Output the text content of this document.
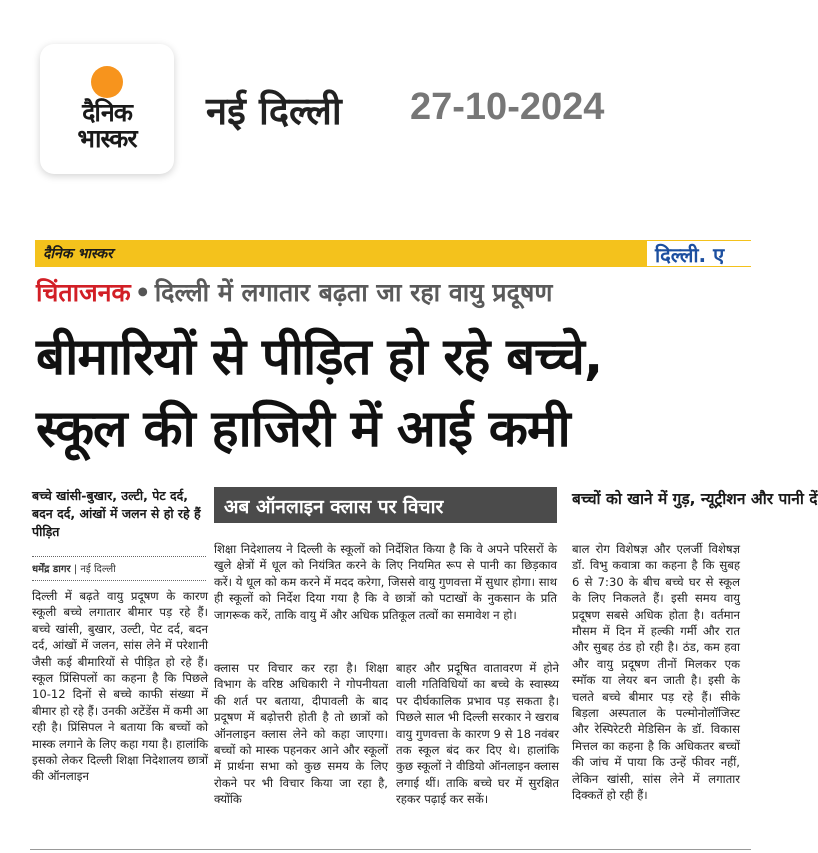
दैनिक
भास्कर
नई दिल्ली 27-10-2024
दैनिक भास्कर	दिल्ली. ए
चिंताजनक • दिल्ली में लगातार बढ़ता जा रहा वायु प्रदूषण
बीमारियों से पीड़ित हो रहे बच्चे,
स्कूल की हाजिरी में आई कमी
बच्चे खांसी-बुखार, उल्टी, पेट दर्द, बदन दर्द, आंखों में जलन से हो रहे हैं पीड़ित
धर्मेंद्र डागर | नई दिल्ली
दिल्ली में बढ़ते वायु प्रदूषण के कारण स्कूली बच्चे लगातार बीमार पड़ रहे हैं। बच्चे खांसी, बुखार, उल्टी, पेट दर्द, बदन दर्द, आंखों में जलन, सांस लेने में परेशानी जैसी कई बीमारियों से पीड़ित हो रहे हैं। स्कूल प्रिंसिपलों का कहना है कि पिछले 10-12 दिनों से बच्चे काफी संख्या में बीमार हो रहे हैं। उनकी अटेंडेंस में कमी आ रही है। प्रिंसिपल ने बताया कि बच्चों को मास्क लगाने के लिए कहा गया है। हालांकि इसको लेकर दिल्ली शिक्षा निदेशालय छात्रों की ऑनलाइन
अब ऑनलाइन क्लास पर विचार
शिक्षा निदेशालय ने दिल्ली के स्कूलों को निर्देशित किया है कि वे अपने परिसरों के खुले क्षेत्रों में धूल को नियंत्रित करने के लिए नियमित रूप से पानी का छिड़काव करें। ये धूल को कम करने में मदद करेगा, जिससे वायु गुणवत्ता में सुधार होगा। साथ ही स्कूलों को निर्देश दिया गया है कि वे छात्रों को पटाखों के नुकसान के प्रति जागरूक करें, ताकि वायु में और अधिक प्रतिकूल तत्वों का समावेश न हो।
क्लास पर विचार कर रहा है। शिक्षा विभाग के वरिष्ठ अधिकारी ने गोपनीयता की शर्त पर बताया, दीपावली के बाद प्रदूषण में बढ़ोत्तरी होती है तो छात्रों को ऑनलाइन क्लास लेने को कहा जाएगा। बच्चों को मास्क पहनकर आने और स्कूलों में प्रार्थना सभा को कुछ समय के लिए रोकने पर भी विचार किया जा रहा है, क्योंकि
बाहर और प्रदूषित वातावरण में होने वाली गतिविधियों का बच्चे के स्वास्थ्य पर दीर्घकालिक प्रभाव पड़ सकता है। पिछले साल भी दिल्ली सरकार ने खराब वायु गुणवत्ता के कारण 9 से 18 नवंबर तक स्कूल बंद कर दिए थे। हालांकि कुछ स्कूलों ने वीडियो ऑनलाइन क्लास लगाई थीं। ताकि बच्चे घर में सुरक्षित रहकर पढ़ाई कर सकें।
बच्चों को खाने में गुड़, न्यूट्रीशन और पानी दें
बाल रोग विशेषज्ञ और एलर्जी विशेषज्ञ डॉ. विभु कवात्रा का कहना है कि सुबह 6 से 7:30 के बीच बच्चे घर से स्कूल के लिए निकलते हैं। इसी समय वायु प्रदूषण सबसे अधिक होता है। वर्तमान मौसम में दिन में हल्की गर्मी और रात और सुबह ठंड हो रही है। ठंड, कम हवा और वायु प्रदूषण तीनों मिलकर एक स्मॉक या लेयर बन जाती है। इसी के चलते बच्चे बीमार पड़ रहे हैं। सीके बिड़ला अस्पताल के पल्मोनोलॉजिस्ट और रेस्पिरेटरी मेडिसिन के डॉ. विकास मित्तल का कहना है कि अधिकतर बच्चों की जांच में पाया कि उन्हें फीवर नहीं, लेकिन खांसी, सांस लेने में लगातार दिक्कतें हो रही हैं।
